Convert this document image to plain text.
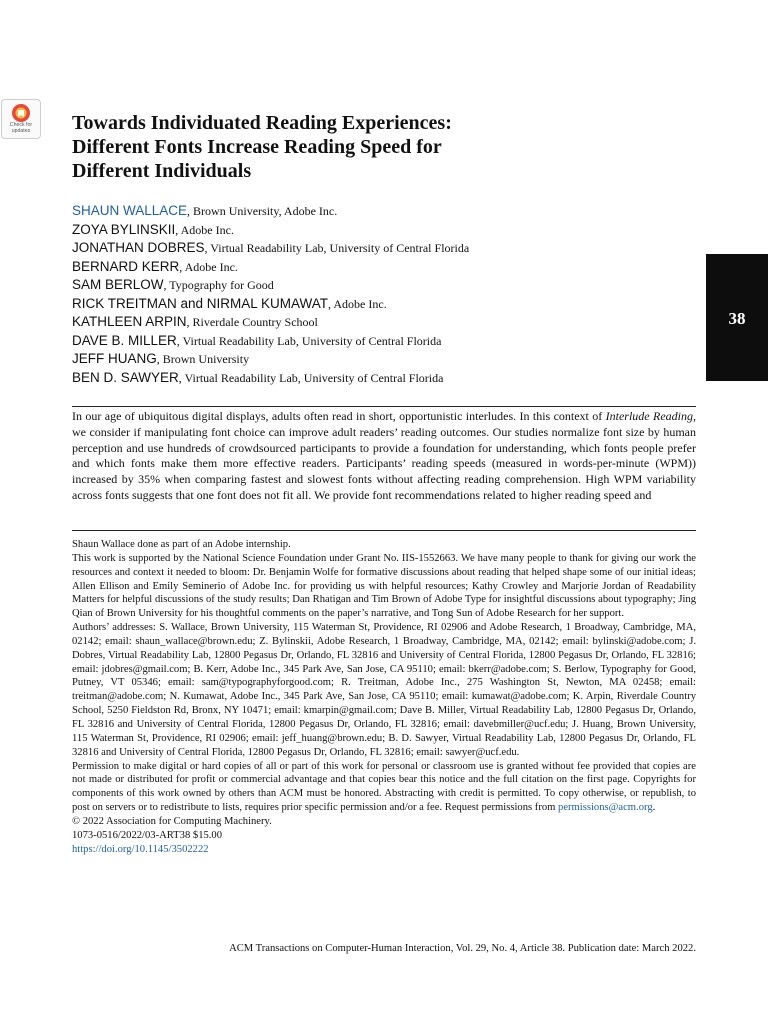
Check for
updates	Towards Individuated Reading Experiences:
Different Fonts Increase Reading Speed for
Different Individuals
SHAUN WALLACE, Brown University, Adobe Inc.
ZOYA BYLINSKII, Adobe Inc.
JONATHAN DOBRES, Virtual Readability Lab, University of Central Florida
BERNARD KERR, Adobe Inc.
SAM BERLOW, Typography for Good
RICK TREITMAN and NIRMAL KUMAWAT, Adobe Inc.
KATHLEEN ARPIN, Riverdale Country School
DAVE B. MILLER, Virtual Readability Lab, University of Central Florida
JEFF HUANG, Brown University
BEN D. SAWYER, Virtual Readability Lab, University of Central Florida
38

In our age of ubiquitous digital displays, adults often read in short, opportunistic interludes. In this context of Interlude Reading, we consider if manipulating font choice can improve adult readers’ reading outcomes. Our studies normalize font size by human perception and use hundreds of crowdsourced participants to provide a foundation for understanding, which fonts people prefer and which fonts make them more effective readers. Participants’ reading speeds (measured in words-per-minute (WPM)) increased by 35% when comparing fastest and slowest fonts without affecting reading comprehension. High WPM variability across fonts suggests that one font does not fit all. We provide font recommendations related to higher reading speed and

Shaun Wallace done as part of an Adobe internship.

This work is supported by the National Science Foundation under Grant No. IIS-1552663. We have many people to thank for giving our work the resources and context it needed to bloom: Dr. Benjamin Wolfe for formative discussions about reading that helped shape some of our initial ideas; Allen Ellison and Emily Seminerio of Adobe Inc. for providing us with helpful resources; Kathy Crowley and Marjorie Jordan of Readability Matters for helpful discussions of the study results; Dan Rhatigan and Tim Brown of Adobe Type for insightful discussions about typography; Jing Qian of Brown University for his thoughtful comments on the paper’s narrative, and Tong Sun of Adobe Research for her support.

Authors’ addresses: S. Wallace, Brown University, 115 Waterman St, Providence, RI 02906 and Adobe Research, 1 Broadway, Cambridge, MA, 02142; email: shaun_wallace@brown.edu; Z. Bylinskii, Adobe Research, 1 Broadway, Cambridge, MA, 02142; email: bylinski@adobe.com; J. Dobres, Virtual Readability Lab, 12800 Pegasus Dr, Orlando, FL 32816 and University of Central Florida, 12800 Pegasus Dr, Orlando, FL 32816; email: jdobres@gmail.com; B. Kerr, Adobe Inc., 345 Park Ave, San Jose, CA 95110; email: bkerr@adobe.com; S. Berlow, Typography for Good, Putney, VT 05346; email: sam@typographyforgood.com; R. Treitman, Adobe Inc., 275 Washington St, Newton, MA 02458; email: treitman@adobe.com; N. Kumawat, Adobe Inc., 345 Park Ave, San Jose, CA 95110; email: kumawat@adobe.com; K. Arpin, Riverdale Country School, 5250 Fieldston Rd, Bronx, NY 10471; email: kmarpin@gmail.com; Dave B. Miller, Virtual Readability Lab, 12800 Pegasus Dr, Orlando, FL 32816 and University of Central Florida, 12800 Pegasus Dr, Orlando, FL 32816; email: davebmiller@ucf.edu; J. Huang, Brown University, 115 Waterman St, Providence, RI 02906; email: jeff_huang@brown.edu; B. D. Sawyer, Virtual Readability Lab, 12800 Pegasus Dr, Orlando, FL 32816 and University of Central Florida, 12800 Pegasus Dr, Orlando, FL 32816; email: sawyer@ucf.edu.

Permission to make digital or hard copies of all or part of this work for personal or classroom use is granted without fee provided that copies are not made or distributed for profit or commercial advantage and that copies bear this notice and the full citation on the first page. Copyrights for components of this work owned by others than ACM must be honored. Abstracting with credit is permitted. To copy otherwise, or republish, to post on servers or to redistribute to lists, requires prior specific permission and/or a fee. Request permissions from permissions@acm.org.

© 2022 Association for Computing Machinery.

1073-0516/2022/03-ART38 $15.00

https://doi.org/10.1145/3502222

ACM Transactions on Computer-Human Interaction, Vol. 29, No. 4, Article 38. Publication date: March 2022.
